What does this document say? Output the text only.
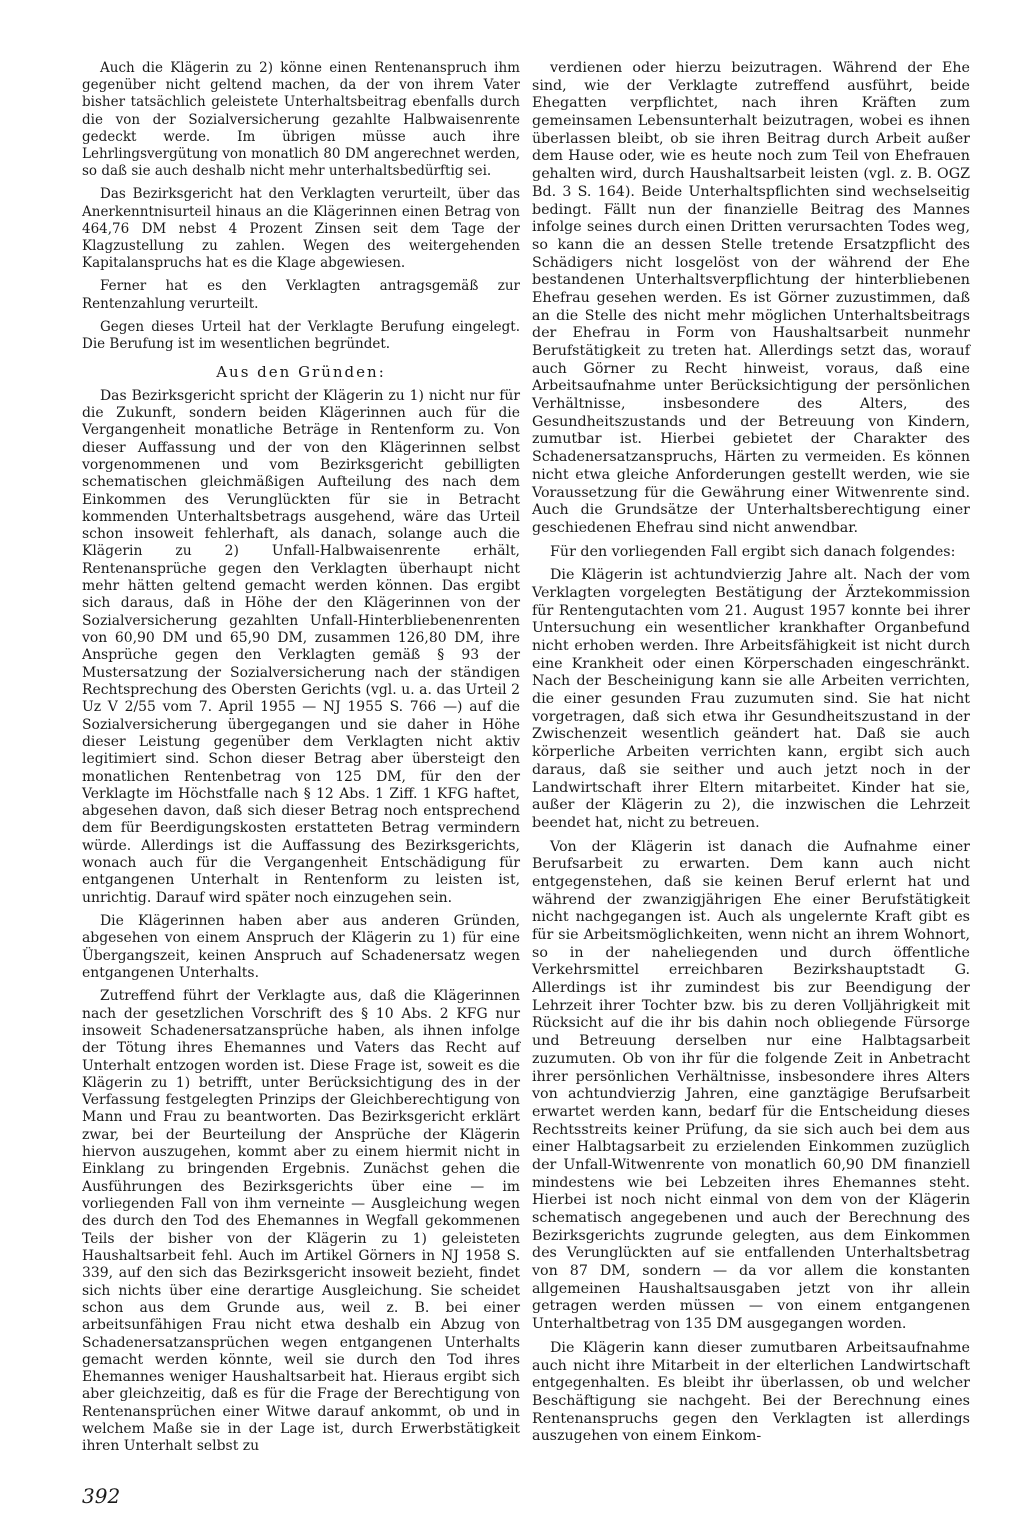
Auch die Klägerin zu 2) könne einen Rentenanspruch ihm gegenüber nicht geltend machen, da der von ihrem Vater bisher tatsächlich geleistete Unterhaltsbeitrag ebenfalls durch die von der Sozialversicherung gezahlte Halbwaisenrente gedeckt werde. Im übrigen müsse auch ihre Lehrlingsvergütung von monatlich 80 DM angerechnet werden, so daß sie auch deshalb nicht mehr unterhaltsbedürftig sei.

Das Bezirksgericht hat den Verklagten verurteilt, über das Anerkenntnisurteil hinaus an die Klägerinnen einen Betrag von 464,76 DM nebst 4 Prozent Zinsen seit dem Tage der Klagzustellung zu zahlen. Wegen des weitergehenden Kapitalanspruchs hat es die Klage abgewiesen.

Ferner hat es den Verklagten antragsgemäß zur Rentenzahlung verurteilt.

Gegen dieses Urteil hat der Verklagte Berufung eingelegt. Die Berufung ist im wesentlichen begründet.

Aus den Gründen:

Das Bezirksgericht spricht der Klägerin zu 1) nicht nur für die Zukunft, sondern beiden Klägerinnen auch für die Vergangenheit monatliche Beträge in Rentenform zu. Von dieser Auffassung und der von den Klägerinnen selbst vorgenommenen und vom Bezirksgericht gebilligten schematischen gleichmäßigen Aufteilung des nach dem Einkommen des Verunglückten für sie in Betracht kommenden Unterhaltsbetrags ausgehend, wäre das Urteil schon insoweit fehlerhaft, als danach, solange auch die Klägerin zu 2) Unfall-Halbwaisenrente erhält, Rentenansprüche gegen den Verklagten überhaupt nicht mehr hätten geltend gemacht werden können. Das ergibt sich daraus, daß in Höhe der den Klägerinnen von der Sozialversicherung gezahlten Unfall-Hinterbliebenenrenten von 60,90 DM und 65,90 DM, zusammen 126,80 DM, ihre Ansprüche gegen den Verklagten gemäß § 93 der Mustersatzung der Sozialversicherung nach der ständigen Rechtsprechung des Obersten Gerichts (vgl. u. a. das Urteil 2 Uz V 2/55 vom 7. April 1955 — NJ 1955 S. 766 —) auf die Sozialversicherung übergegangen und sie daher in Höhe dieser Leistung gegenüber dem Verklagten nicht aktiv legitimiert sind. Schon dieser Betrag aber übersteigt den monatlichen Rentenbetrag von 125 DM, für den der Verklagte im Höchstfalle nach § 12 Abs. 1 Ziff. 1 KFG haftet, abgesehen davon, daß sich dieser Betrag noch entsprechend dem für Beerdigungskosten erstatteten Betrag vermindern würde. Allerdings ist die Auffassung des Bezirksgerichts, wonach auch für die Vergangenheit Entschädigung für entgangenen Unterhalt in Rentenform zu leisten ist, unrichtig. Darauf wird später noch einzugehen sein.

Die Klägerinnen haben aber aus anderen Gründen, abgesehen von einem Anspruch der Klägerin zu 1) für eine Übergangszeit, keinen Anspruch auf Schadenersatz wegen entgangenen Unterhalts.

Zutreffend führt der Verklagte aus, daß die Klägerinnen nach der gesetzlichen Vorschrift des § 10 Abs. 2 KFG nur insoweit Schadenersatzansprüche haben, als ihnen infolge der Tötung ihres Ehemannes und Vaters das Recht auf Unterhalt entzogen worden ist. Diese Frage ist, soweit es die Klägerin zu 1) betrifft, unter Berücksichtigung des in der Verfassung festgelegten Prinzips der Gleichberechtigung von Mann und Frau zu beantworten. Das Bezirksgericht erklärt zwar, bei der Beurteilung der Ansprüche der Klägerin hiervon auszugehen, kommt aber zu einem hiermit nicht in Einklang zu bringenden Ergebnis. Zunächst gehen die Ausführungen des Bezirksgerichts über eine — im vorliegenden Fall von ihm verneinte — Ausgleichung wegen des durch den Tod des Ehemannes in Wegfall gekommenen Teils der bisher von der Klägerin zu 1) geleisteten Haushaltsarbeit fehl. Auch im Artikel Görners in NJ 1958 S. 339, auf den sich das Bezirksgericht insoweit bezieht, findet sich nichts über eine derartige Ausgleichung. Sie scheidet schon aus dem Grunde aus, weil z. B. bei einer arbeitsunfähigen Frau nicht etwa deshalb ein Abzug von Schadenersatzansprüchen wegen entgangenen Unterhalts gemacht werden könnte, weil sie durch den Tod ihres Ehemannes weniger Haushaltsarbeit hat. Hieraus ergibt sich aber gleichzeitig, daß es für die Frage der Berechtigung von Rentenansprüchen einer Witwe darauf ankommt, ob und in welchem Maße sie in der Lage ist, durch Erwerbstätigkeit ihren Unterhalt selbst zu

verdienen oder hierzu beizutragen. Während der Ehe sind, wie der Verklagte zutreffend ausführt, beide Ehegatten verpflichtet, nach ihren Kräften zum gemeinsamen Lebensunterhalt beizutragen, wobei es ihnen überlassen bleibt, ob sie ihren Beitrag durch Arbeit außer dem Hause oder, wie es heute noch zum Teil von Ehefrauen gehalten wird, durch Haushaltsarbeit leisten (vgl. z. B. OGZ Bd. 3 S. 164). Beide Unterhaltspflichten sind wechselseitig bedingt. Fällt nun der finanzielle Beitrag des Mannes infolge seines durch einen Dritten verursachten Todes weg, so kann die an dessen Stelle tretende Ersatzpflicht des Schädigers nicht losgelöst von der während der Ehe bestandenen Unterhaltsverpflichtung der hinterbliebenen Ehefrau gesehen werden. Es ist Görner zuzustimmen, daß an die Stelle des nicht mehr möglichen Unterhaltsbeitrags der Ehefrau in Form von Haushaltsarbeit nunmehr Berufstätigkeit zu treten hat. Allerdings setzt das, worauf auch Görner zu Recht hinweist, voraus, daß eine Arbeitsaufnahme unter Berücksichtigung der persönlichen Verhältnisse, insbesondere des Alters, des Gesundheitszustands und der Betreuung von Kindern, zumutbar ist. Hierbei gebietet der Charakter des Schadenersatzanspruchs, Härten zu vermeiden. Es können nicht etwa gleiche Anforderungen gestellt werden, wie sie Voraussetzung für die Gewährung einer Witwenrente sind. Auch die Grundsätze der Unterhaltsberechtigung einer geschiedenen Ehefrau sind nicht anwendbar.

Für den vorliegenden Fall ergibt sich danach folgendes:

Die Klägerin ist achtundvierzig Jahre alt. Nach der vom Verklagten vorgelegten Bestätigung der Ärztekommission für Rentengutachten vom 21. August 1957 konnte bei ihrer Untersuchung ein wesentlicher krankhafter Organbefund nicht erhoben werden. Ihre Arbeitsfähigkeit ist nicht durch eine Krankheit oder einen Körperschaden eingeschränkt. Nach der Bescheinigung kann sie alle Arbeiten verrichten, die einer gesunden Frau zuzumuten sind. Sie hat nicht vorgetragen, daß sich etwa ihr Gesundheitszustand in der Zwischenzeit wesentlich geändert hat. Daß sie auch körperliche Arbeiten verrichten kann, ergibt sich auch daraus, daß sie seither und auch jetzt noch in der Landwirtschaft ihrer Eltern mitarbeitet. Kinder hat sie, außer der Klägerin zu 2), die inzwischen die Lehrzeit beendet hat, nicht zu betreuen.

Von der Klägerin ist danach die Aufnahme einer Berufsarbeit zu erwarten. Dem kann auch nicht entgegenstehen, daß sie keinen Beruf erlernt hat und während der zwanzigjährigen Ehe einer Berufstätigkeit nicht nachgegangen ist. Auch als ungelernte Kraft gibt es für sie Arbeitsmöglichkeiten, wenn nicht an ihrem Wohnort, so in der naheliegenden und durch öffentliche Verkehrsmittel erreichbaren Bezirkshauptstadt G. Allerdings ist ihr zumindest bis zur Beendigung der Lehrzeit ihrer Tochter bzw. bis zu deren Volljährigkeit mit Rücksicht auf die ihr bis dahin noch obliegende Fürsorge und Betreuung derselben nur eine Halbtagsarbeit zuzumuten. Ob von ihr für die folgende Zeit in Anbetracht ihrer persönlichen Verhältnisse, insbesondere ihres Alters von achtundvierzig Jahren, eine ganztägige Berufsarbeit erwartet werden kann, bedarf für die Entscheidung dieses Rechtsstreits keiner Prüfung, da sie sich auch bei dem aus einer Halbtagsarbeit zu erzielenden Einkommen zuzüglich der Unfall-Witwenrente von monatlich 60,90 DM finanziell mindestens wie bei Lebzeiten ihres Ehemannes steht. Hierbei ist noch nicht einmal von dem von der Klägerin schematisch angegebenen und auch der Berechnung des Bezirksgerichts zugrunde gelegten, aus dem Einkommen des Verunglückten auf sie entfallenden Unterhaltsbetrag von 87 DM, sondern — da vor allem die konstanten allgemeinen Haushaltsausgaben jetzt von ihr allein getragen werden müssen — von einem entgangenen Unterhaltbetrag von 135 DM ausgegangen worden.

Die Klägerin kann dieser zumutbaren Arbeitsaufnahme auch nicht ihre Mitarbeit in der elterlichen Landwirtschaft entgegenhalten. Es bleibt ihr überlassen, ob und welcher Beschäftigung sie nachgeht. Bei der Berechnung eines Rentenanspruchs gegen den Verklagten ist allerdings auszugehen von einem Einkom-

392
